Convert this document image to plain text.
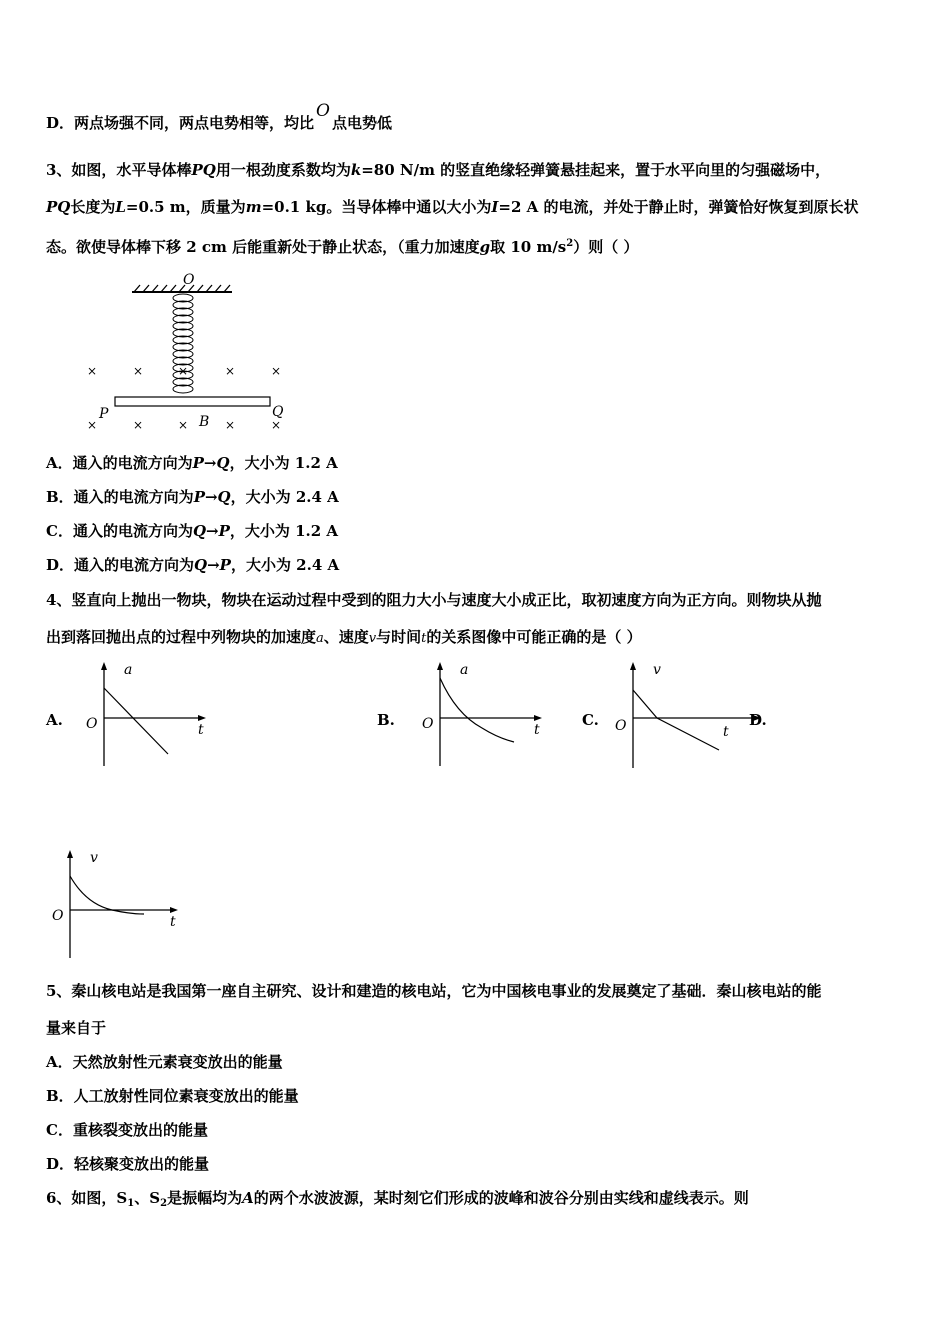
D．两点场强不同，两点电势相等，均比O点电势低
3、如图，水平导体棒PQ用一根劲度系数均为k=80 N/m 的竖直绝缘轻弹簧悬挂起来，置于水平向里的匀强磁场中，
PQ长度为L=0.5 m，质量为m=0.1 kg。当导体棒中通以大小为I=2 A 的电流，并处于静止时，弹簧恰好恢复到原长状
态。欲使导体棒下移 2 cm 后能重新处于静止状态，（重力加速度g取 10 $m/s^2$）则（ ）
O
×	×	×	×	×
×	×	×	×	×
P	Q
B
A．通入的电流方向为P→Q，大小为 1.2 A
B．通入的电流方向为P→Q，大小为 2.4 A
C．通入的电流方向为Q→P，大小为 1.2 A
D．通入的电流方向为Q→P，大小为 2.4 A
4、竖直向上抛出一物块，物块在运动过程中受到的阻力大小与速度大小成正比，取初速度方向为正方向。则物块从抛
出到落回抛出点的过程中列物块的加速度a、速度v与时间t的关系图像中可能正确的是（ ）
A.
a
t
O	B.
a
t
O	C.
v
t
O	D.
v
t
O
5、秦山核电站是我国第一座自主研究、设计和建造的核电站，它为中国核电事业的发展奠定了基础．秦山核电站的能
量来自于
A．天然放射性元素衰变放出的能量
B．人工放射性同位素衰变放出的能量
C．重核裂变放出的能量
D．轻核聚变放出的能量
6、如图，$S_1$、$S_2$是振幅均为A的两个水波波源，某时刻它们形成的波峰和波谷分别由实线和虚线表示。则
